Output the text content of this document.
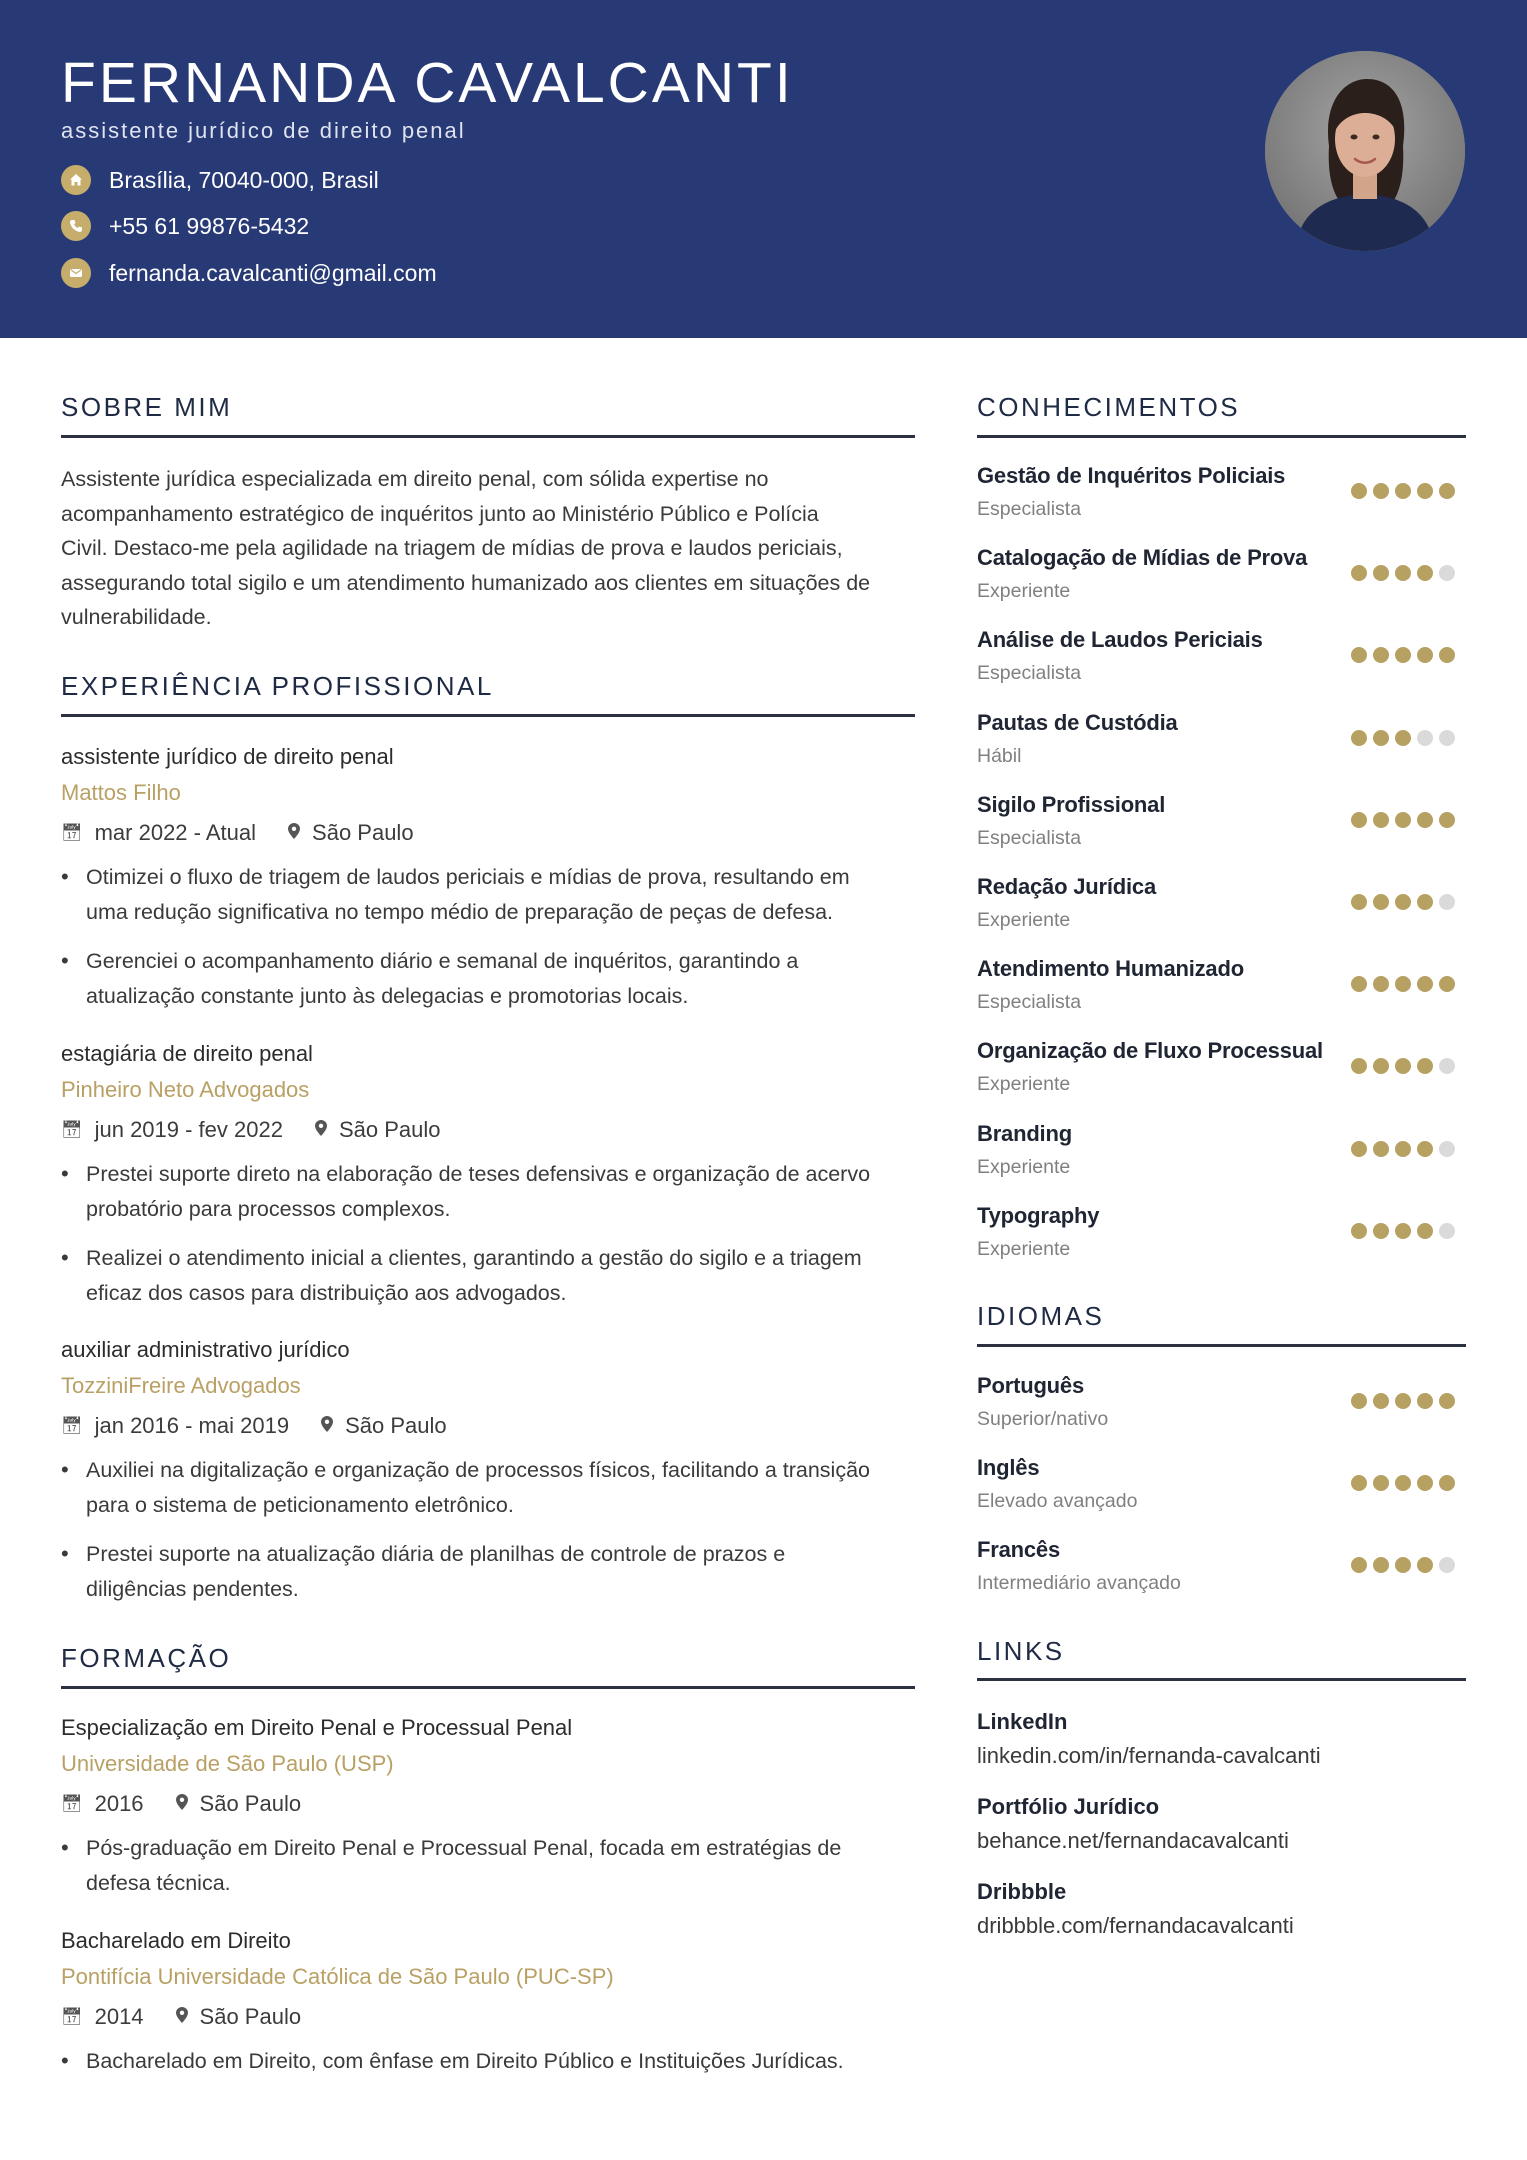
FERNANDA CAVALCANTI
assistente jurídico de direito penal
Brasília, 70040-000, Brasil
+55 61 99876-5432
fernanda.cavalcanti@gmail.com
SOBRE MIM
Assistente jurídica especializada em direito penal, com sólida expertise no
acompanhamento estratégico de inquéritos junto ao Ministério Público e Polícia
Civil. Destaco-me pela agilidade na triagem de mídias de prova e laudos periciais,
assegurando total sigilo e um atendimento humanizado aos clientes em situações de
vulnerabilidade.
EXPERIÊNCIA PROFISSIONAL
assistente jurídico de direito penal
Mattos Filho
📅︎ mar 2022 - Atual	São Paulo
• Otimizei o fluxo de triagem de laudos periciais e mídias de prova, resultando em
uma redução significativa no tempo médio de preparação de peças de defesa.
• Gerenciei o acompanhamento diário e semanal de inquéritos, garantindo a
atualização constante junto às delegacias e promotorias locais.
estagiária de direito penal
Pinheiro Neto Advogados
📅︎ jun 2019 - fev 2022	São Paulo
• Prestei suporte direto na elaboração de teses defensivas e organização de acervo
probatório para processos complexos.
• Realizei o atendimento inicial a clientes, garantindo a gestão do sigilo e a triagem
eficaz dos casos para distribuição aos advogados.
auxiliar administrativo jurídico
TozziniFreire Advogados
📅︎ jan 2016 - mai 2019	São Paulo
• Auxiliei na digitalização e organização de processos físicos, facilitando a transição
para o sistema de peticionamento eletrônico.
• Prestei suporte na atualização diária de planilhas de controle de prazos e
diligências pendentes.
FORMAÇÃO
Especialização em Direito Penal e Processual Penal
Universidade de São Paulo (USP)
📅︎ 2016	São Paulo
• Pós-graduação em Direito Penal e Processual Penal, focada em estratégias de
defesa técnica.
Bacharelado em Direito
Pontifícia Universidade Católica de São Paulo (PUC-SP)
📅︎ 2014	São Paulo
• Bacharelado em Direito, com ênfase em Direito Público e Instituições Jurídicas.
CONHECIMENTOS
Gestão de Inquéritos Policiais
Especialista
Catalogação de Mídias de Prova
Experiente
Análise de Laudos Periciais
Especialista
Pautas de Custódia
Hábil
Sigilo Profissional
Especialista
Redação Jurídica
Experiente
Atendimento Humanizado
Especialista
Organização de Fluxo Processual
Experiente
Branding
Experiente
Typography
Experiente
IDIOMAS
Português
Superior/nativo
Inglês
Elevado avançado
Francês
Intermediário avançado
LINKS
LinkedIn
linkedin.com/in/fernanda-cavalcanti
Portfólio Jurídico
behance.net/fernandacavalcanti
Dribbble
dribbble.com/fernandacavalcanti
